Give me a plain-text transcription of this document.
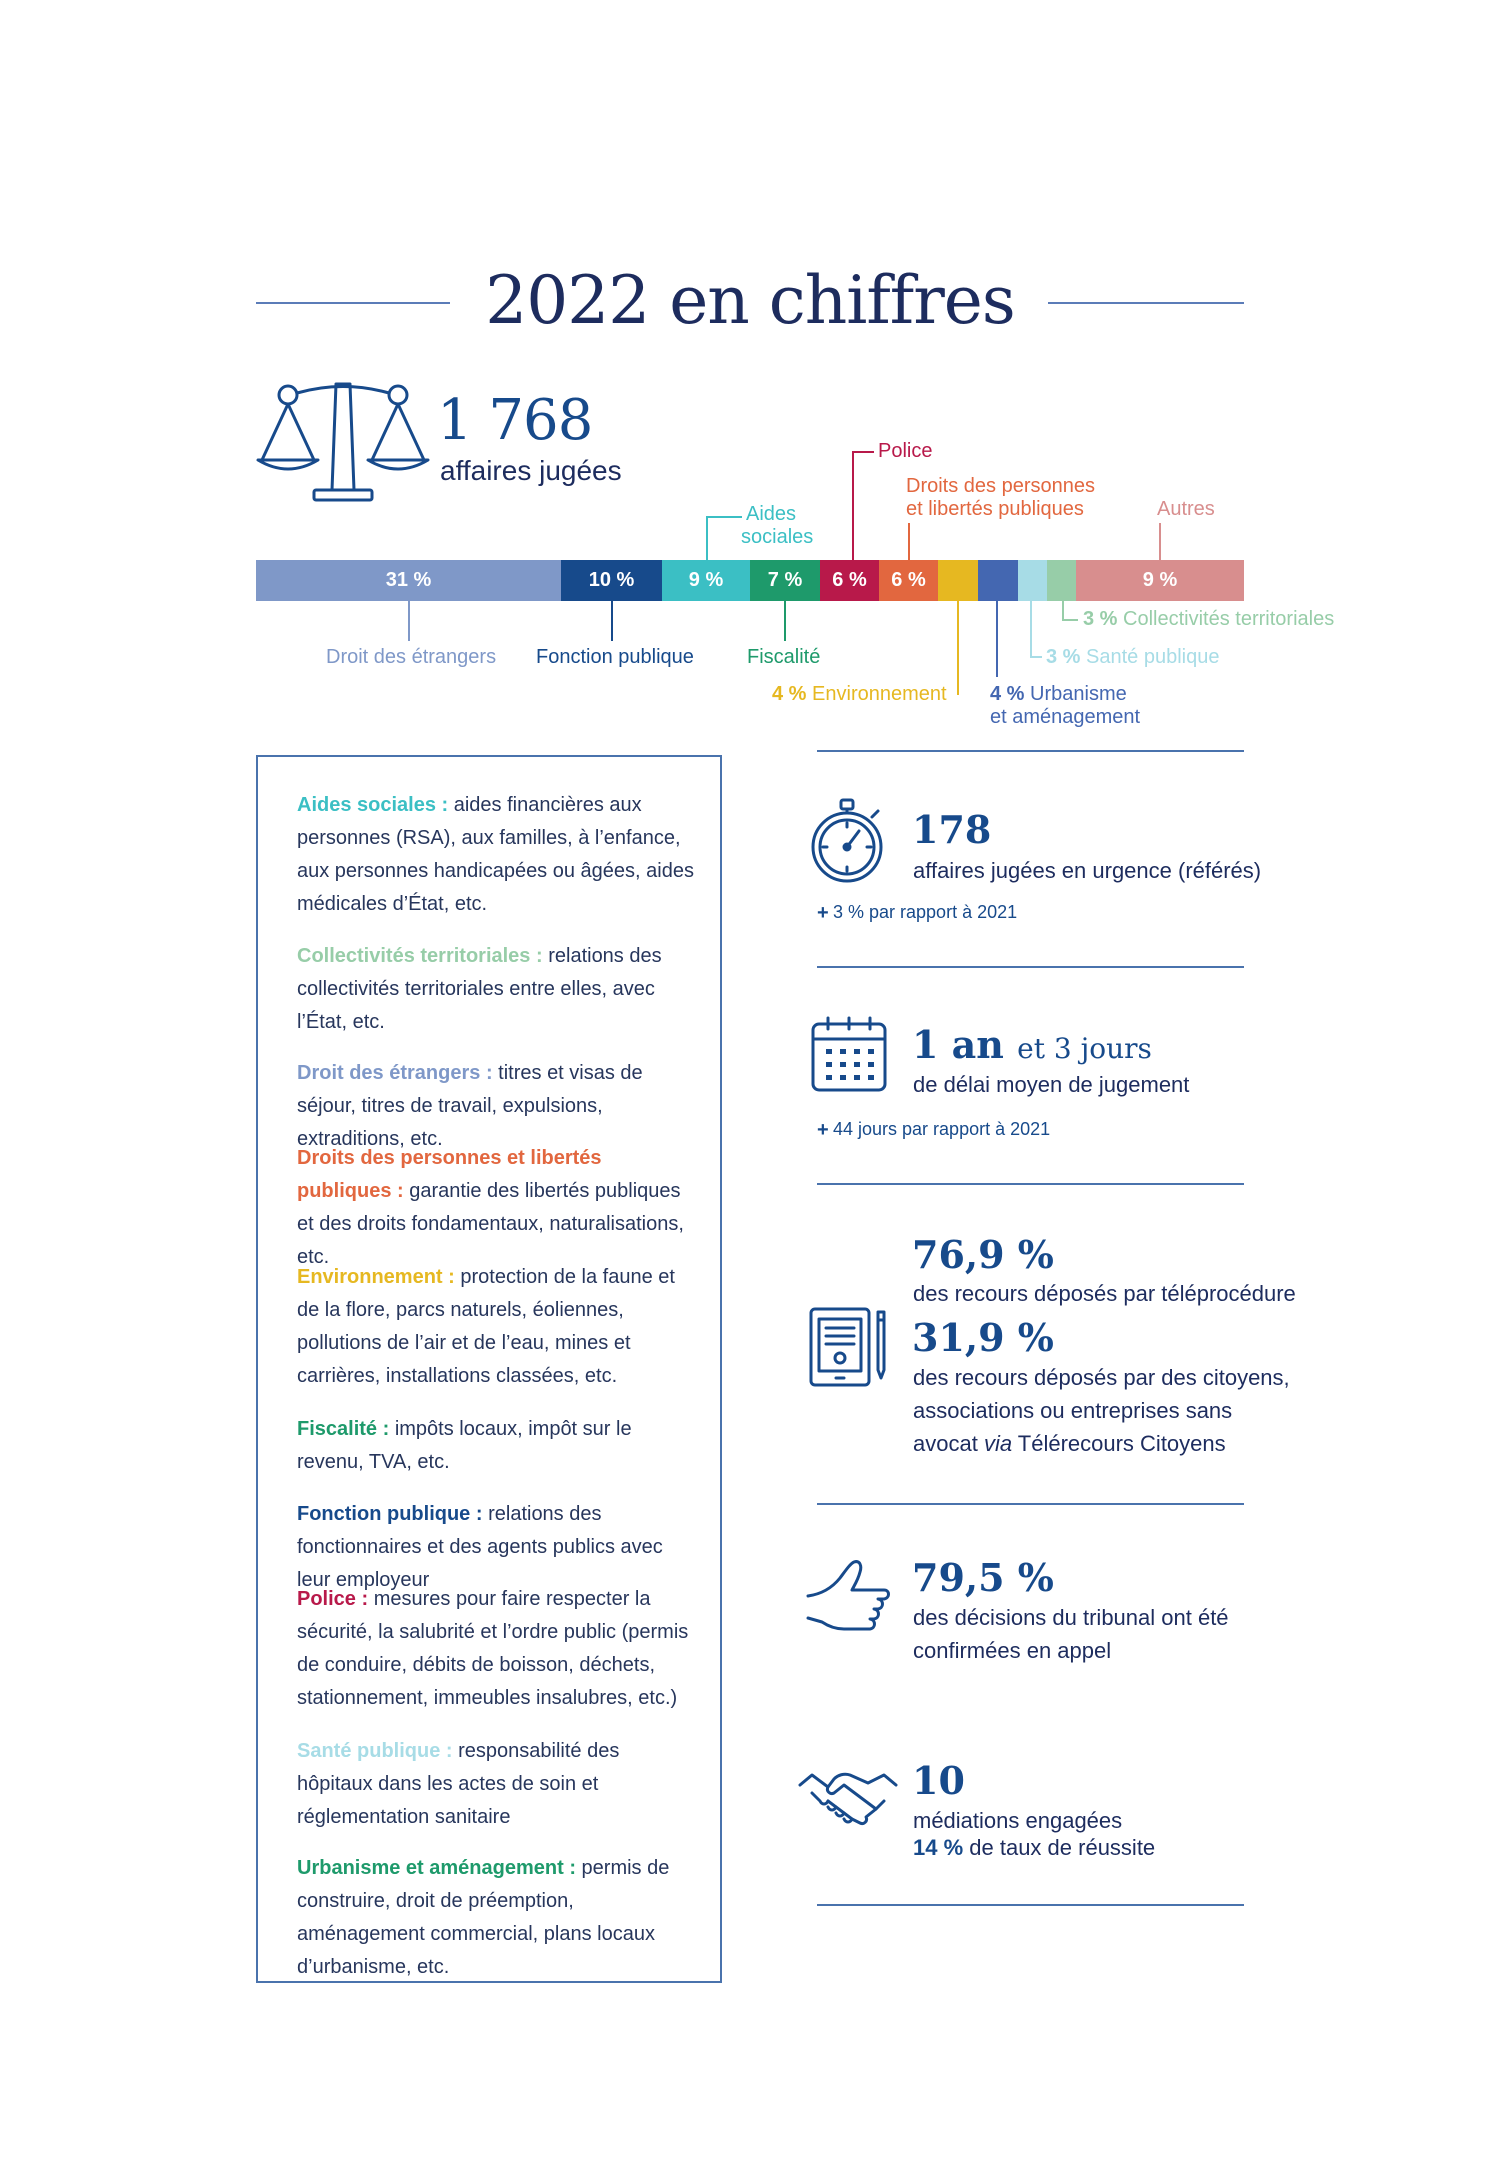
2022 en chiffres
1 768
affaires jugées
31 %	10 %	9 %	7 %	6 %	6 %	9 %
Police
Droits des personnes
et libertés publiques	Autres
Aides
sociales
Droit des étrangers Fonction publique	Fiscalité
4 % Environnement 4 % Urbanisme
et aménagement
3 % Santé publique
3 % Collectivités territoriales
Aides sociales : aides financières aux personnes (RSA), aux familles, à l’enfance, aux personnes handicapées ou âgées, aides médicales d’État, etc.
Collectivités territoriales : relations des collectivités territoriales entre elles, avec l’État, etc.
Droit des étrangers : titres et visas de séjour, titres de travail, expulsions, extraditions, etc.
Droits des personnes et libertés publiques : garantie des libertés publiques et des droits fondamentaux, naturalisations, etc.
Environnement : protection de la faune et de la flore, parcs naturels, éoliennes, pollutions de l’air et de l’eau, mines et carrières, installations classées, etc.
Fiscalité : impôts locaux, impôt sur le revenu, TVA, etc.
Fonction publique : relations des fonctionnaires et des agents publics avec leur employeur
Police : mesures pour faire respecter la sécurité, la salubrité et l’ordre public (permis de conduire, débits de boisson, déchets, stationnement, immeubles insalubres, etc.)
Santé publique : responsabilité des hôpitaux dans les actes de soin et réglementation sanitaire
Urbanisme et aménagement : permis de construire, droit de préemption, aménagement commercial, plans locaux d’urbanisme, etc.
178
affaires jugées en urgence (référés)
+ 3 % par rapport à 2021
1 an et 3 jours
de délai moyen de jugement
+ 44 jours par rapport à 2021
76,9 %
des recours déposés par téléprocédure
31,9 %
des recours déposés par des citoyens,
associations ou entreprises sans
avocat via Télérecours Citoyens
79,5 %
des décisions du tribunal ont été
confirmées en appel
10
médiations engagées
14 % de taux de réussite
